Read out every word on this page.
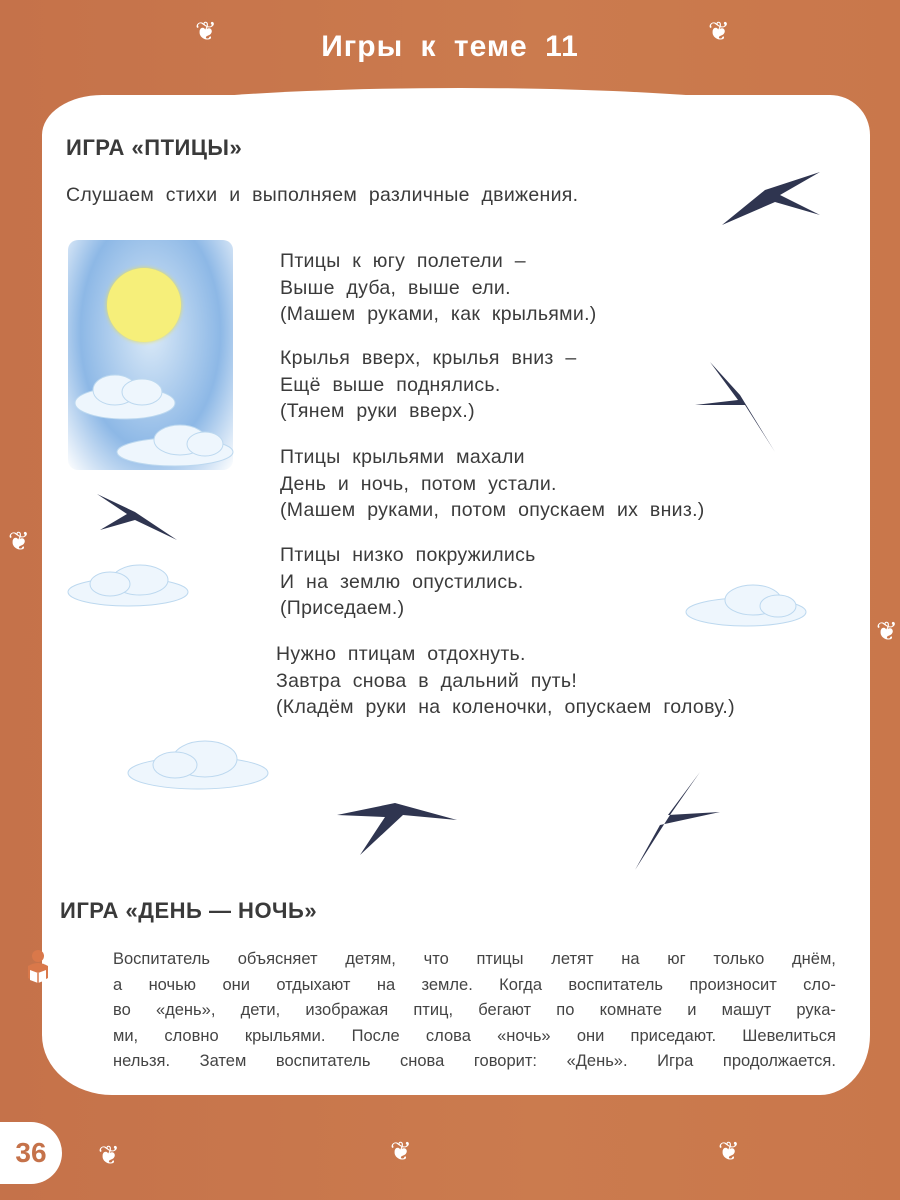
❦	❦
❦
❦
❦	❦	❦
Игры к теме 11
ИГРА «ПТИЦЫ»
Слушаем стихи и выполняем различные движения.
Птицы к югу полетели –
Выше дуба, выше ели.
(Машем руками, как крыльями.)
Крылья вверх, крылья вниз –
Ещё выше поднялись.
(Тянем руки вверх.)
Птицы крыльями махали
День и ночь, потом устали.
(Машем руками, потом опускаем их вниз.)
Птицы низко покружились
И на землю опустились.
(Приседаем.)
Нужно птицам отдохнуть.
Завтра снова в дальний путь!
(Кладём руки на коленочки, опускаем голову.)
ИГРА «ДЕНЬ — НОЧЬ»
Воспитатель объясняет детям, что птицы летят на юг только днём,
а ночью они отдыхают на земле. Когда воспитатель произносит сло-
во «день», дети, изображая птиц, бегают по комнате и машут рука-
ми, словно крыльями. После слова «ночь» они приседают. Шевелиться
нельзя. Затем воспитатель снова говорит: «День». Игра продолжается.
36
